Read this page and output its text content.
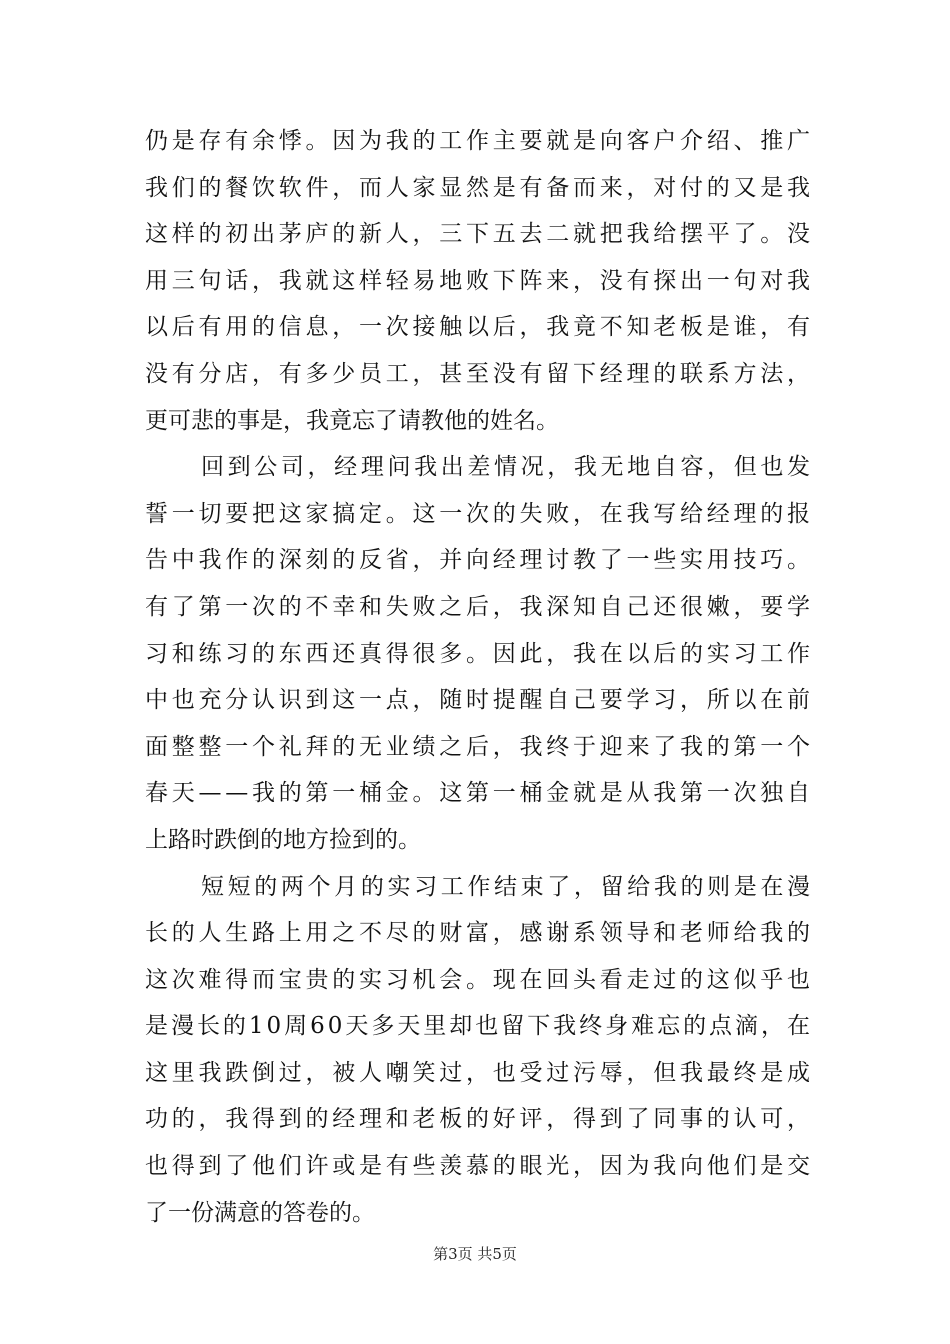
仍是存有余悸。因为我的工作主要就是向客户介绍、推广
我们的餐饮软件，而人家显然是有备而来，对付的又是我
这样的初出茅庐的新人，三下五去二就把我给摆平了。没
用三句话，我就这样轻易地败下阵来，没有探出一句对我
以后有用的信息，一次接触以后，我竟不知老板是谁，有
没有分店，有多少员工，甚至没有留下经理的联系方法，
更可悲的事是，我竟忘了请教他的姓名。
回到公司，经理问我出差情况，我无地自容，但也发
誓一切要把这家搞定。这一次的失败，在我写给经理的报
告中我作的深刻的反省，并向经理讨教了一些实用技巧。
有了第一次的不幸和失败之后，我深知自己还很嫩，要学
习和练习的东西还真得很多。因此，我在以后的实习工作
中也充分认识到这一点，随时提醒自己要学习，所以在前
面整整一个礼拜的无业绩之后，我终于迎来了我的第一个
春天——我的第一桶金。这第一桶金就是从我第一次独自
上路时跌倒的地方捡到的。
短短的两个月的实习工作结束了，留给我的则是在漫
长的人生路上用之不尽的财富，感谢系领导和老师给我的
这次难得而宝贵的实习机会。现在回头看走过的这似乎也
是漫长的10周60天多天里却也留下我终身难忘的点滴，在
这里我跌倒过，被人嘲笑过，也受过污辱，但我最终是成
功的，我得到的经理和老板的好评，得到了同事的认可，
也得到了他们许或是有些羡慕的眼光，因为我向他们是交
了一份满意的答卷的。
第3页 共5页
